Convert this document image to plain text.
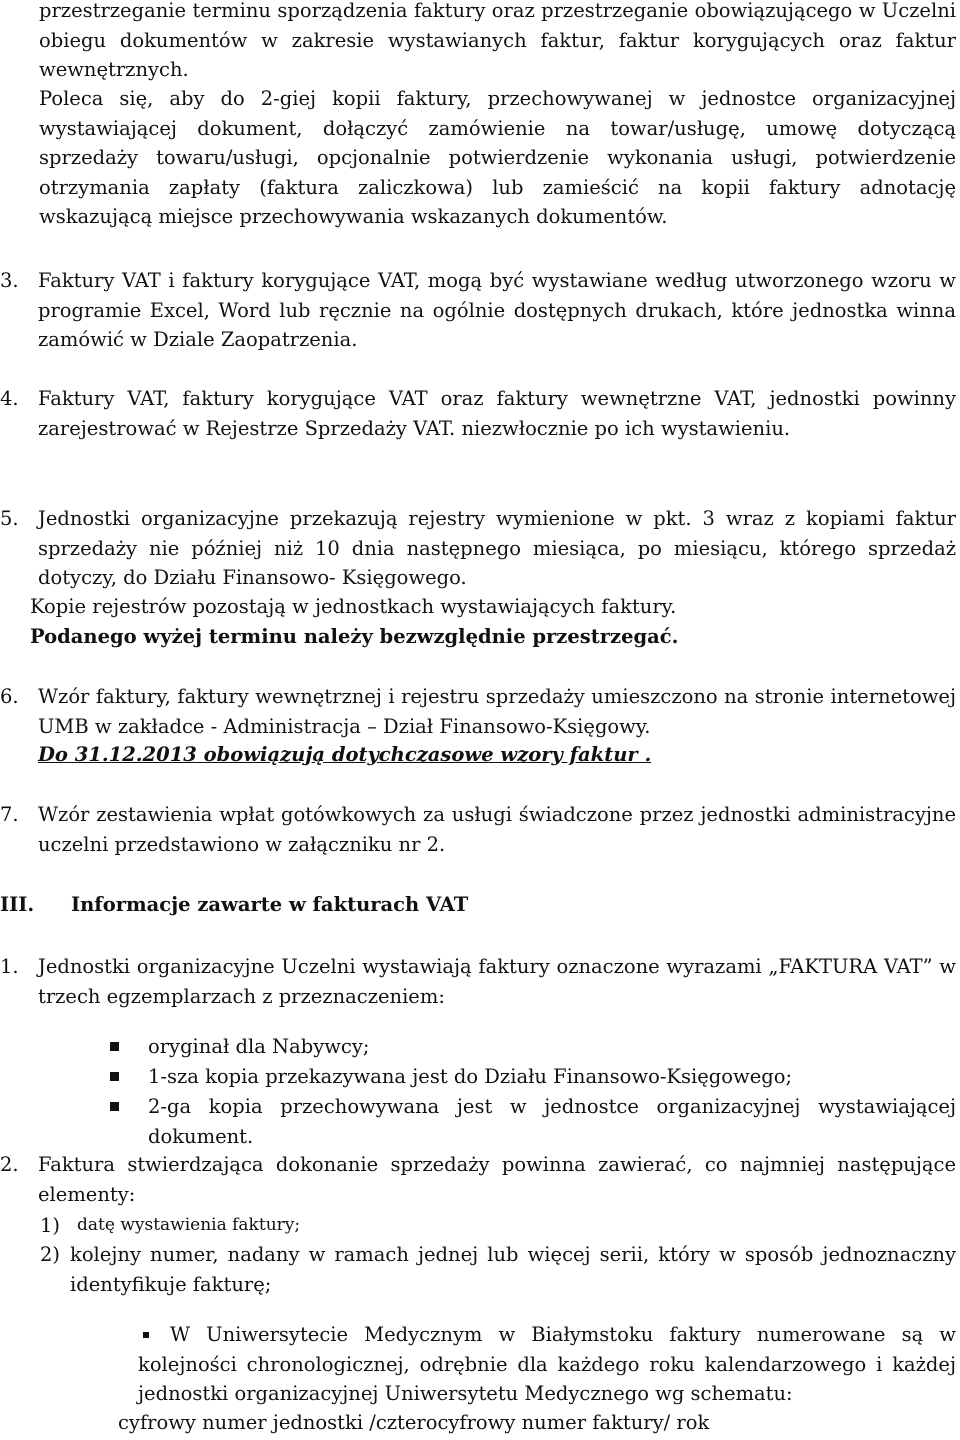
przestrzeganie terminu sporządzenia faktury oraz przestrzeganie obowiązującego w Uczelni obiegu dokumentów w zakresie wystawianych faktur, faktur korygujących oraz faktur wewnętrznych.
Poleca się, aby do 2-giej kopii faktury, przechowywanej w jednostce organizacyjnej wystawiającej dokument, dołączyć zamówienie na towar/usługę, umowę dotyczącą sprzedaży towaru/usługi, opcjonalnie potwierdzenie wykonania usługi, potwierdzenie otrzymania zapłaty (faktura zaliczkowa) lub zamieścić na kopii faktury adnotację wskazującą miejsce przechowywania wskazanych dokumentów.
3. Faktury VAT i faktury korygujące VAT, mogą być wystawiane według utworzonego wzoru w programie Excel, Word lub ręcznie na ogólnie dostępnych drukach, które jednostka winna zamówić w Dziale Zaopatrzenia.
4. Faktury VAT, faktury korygujące VAT oraz faktury wewnętrzne VAT, jednostki powinny zarejestrować w Rejestrze Sprzedaży VAT. niezwłocznie po ich wystawieniu.
5. Jednostki organizacyjne przekazują rejestry wymienione w pkt. 3 wraz z kopiami faktur sprzedaży nie później niż 10 dnia następnego miesiąca, po miesiącu, którego sprzedaż dotyczy, do Działu Finansowo- Księgowego.
Kopie rejestrów pozostają w jednostkach wystawiających faktury.
Podanego wyżej terminu należy bezwzględnie przestrzegać.
6. Wzór faktury, faktury wewnętrznej i rejestru sprzedaży umieszczono na stronie internetowej UMB w zakładce - Administracja – Dział Finansowo-Księgowy.
Do 31.12.2013 obowiązują dotychczasowe wzory faktur .
7. Wzór zestawienia wpłat gotówkowych za usługi świadczone przez jednostki administracyjne uczelni przedstawiono w załączniku nr 2.
III. Informacje zawarte w fakturach VAT
1. Jednostki organizacyjne Uczelni wystawiają faktury oznaczone wyrazami „FAKTURA VAT” w trzech egzemplarzach z przeznaczeniem:
oryginał dla Nabywcy;
1-sza kopia przekazywana jest do Działu Finansowo-Księgowego;
2-ga kopia przechowywana jest w jednostce organizacyjnej wystawiającej dokument.
2. Faktura stwierdzająca dokonanie sprzedaży powinna zawierać, co najmniej następujące elementy:
1) datę wystawienia faktury;
2) kolejny numer, nadany w ramach jednej lub więcej serii, który w sposób jednoznaczny identyfikuje fakturę;
W Uniwersytecie Medycznym w Białymstoku faktury numerowane są w kolejności chronologicznej, odrębnie dla każdego roku kalendarzowego i każdej jednostki organizacyjnej Uniwersytetu Medycznego wg schematu:
cyfrowy numer jednostki /czterocyfrowy numer faktury/ rok
